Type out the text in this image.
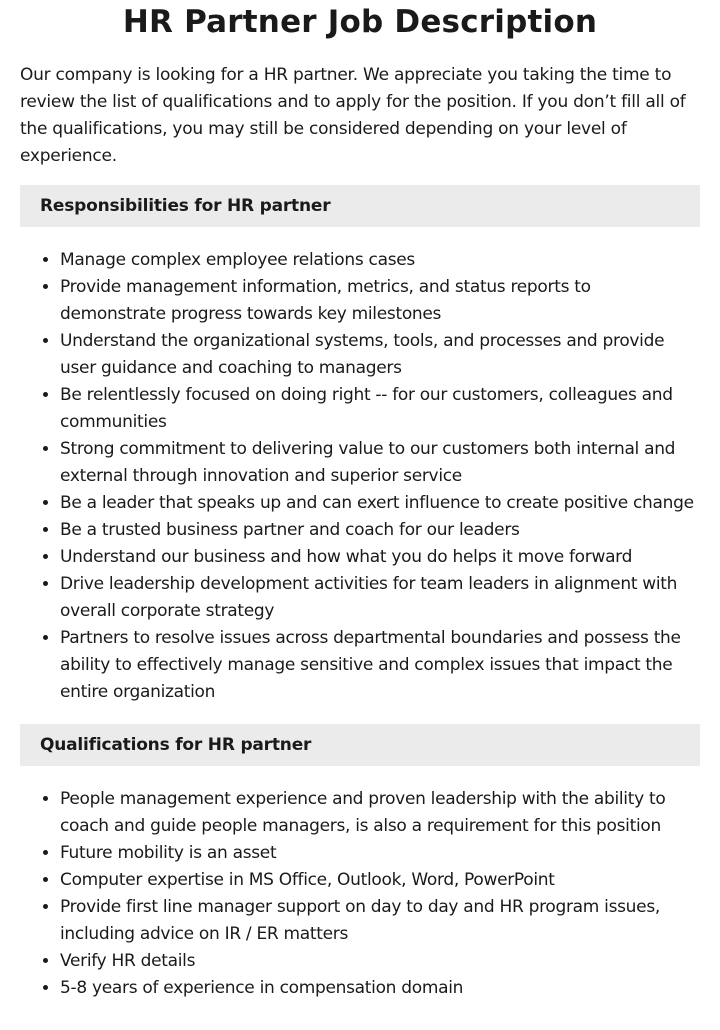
HR Partner Job Description

Our company is looking for a HR partner. We appreciate you taking the time to review the list of qualifications and to apply for the position. If you don’t fill all of the qualifications, you may still be considered depending on your level of experience.

Responsibilities for HR partner
• Manage complex employee relations cases
• Provide management information, metrics, and status reports to demonstrate progress towards key milestones
• Understand the organizational systems, tools, and processes and provide user guidance and coaching to managers
• Be relentlessly focused on doing right -- for our customers, colleagues and communities
• Strong commitment to delivering value to our customers both internal and external through innovation and superior service
• Be a leader that speaks up and can exert influence to create positive change
• Be a trusted business partner and coach for our leaders
• Understand our business and how what you do helps it move forward
• Drive leadership development activities for team leaders in alignment with overall corporate strategy
• Partners to resolve issues across departmental boundaries and possess the ability to effectively manage sensitive and complex issues that impact the entire organization
Qualifications for HR partner
• People management experience and proven leadership with the ability to coach and guide people managers, is also a requirement for this position
• Future mobility is an asset
• Computer expertise in MS Office, Outlook, Word, PowerPoint
• Provide first line manager support on day to day and HR program issues, including advice on IR / ER matters
• Verify HR details
• 5-8 years of experience in compensation domain
